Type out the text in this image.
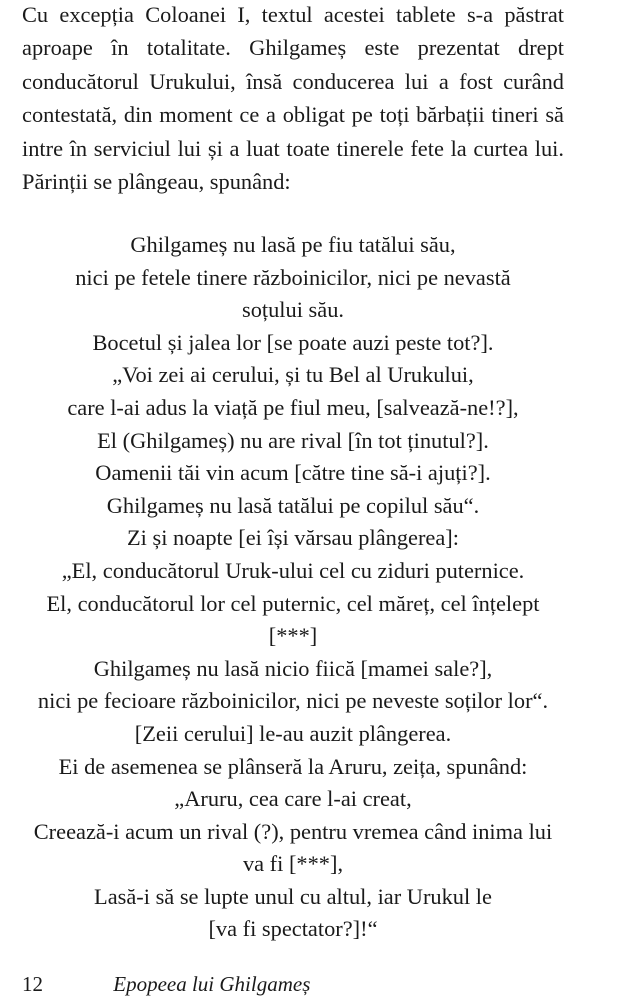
Cu excepția Coloanei I, textul acestei tablete s-a păstrat
aproape în totalitate. Ghilgameș este prezentat drept
conducătorul Urukului, însă conducerea lui a fost curând
contestată, din moment ce a obligat pe toți bărbații tineri să
intre în serviciul lui și a luat toate tinerele fete la curtea lui.
Părinții se plângeau, spunând:

Ghilgameș nu lasă pe fiu tatălui său,
nici pe fetele tinere războinicilor, nici pe nevastă
soțului său.
Bocetul și jalea lor [se poate auzi peste tot?].
„Voi zei ai cerului, și tu Bel al Urukului,
care l-ai adus la viață pe fiul meu, [salvează-ne!?],
El (Ghilgameș) nu are rival [în tot ținutul?].
Oamenii tăi vin acum [către tine să-i ajuți?].
Ghilgameș nu lasă tatălui pe copilul său“.
Zi și noapte [ei își vărsau plângerea]:
„El, conducătorul Uruk-ului cel cu ziduri puternice.
El, conducătorul lor cel puternic, cel măreț, cel înțelept
[***]
Ghilgameș nu lasă nicio fiică [mamei sale?],
nici pe fecioare războinicilor, nici pe neveste soților lor“.
[Zeii cerului] le-au auzit plângerea.
Ei de asemenea se plânseră la Aruru, zeița, spunând:
„Aruru, cea care l-ai creat,
Creează-i acum un rival (?), pentru vremea când inima lui
va fi [***],
Lasă-i să se lupte unul cu altul, iar Urukul le
[va fi spectator?]!“
12	Epopeea lui Ghilgameș
